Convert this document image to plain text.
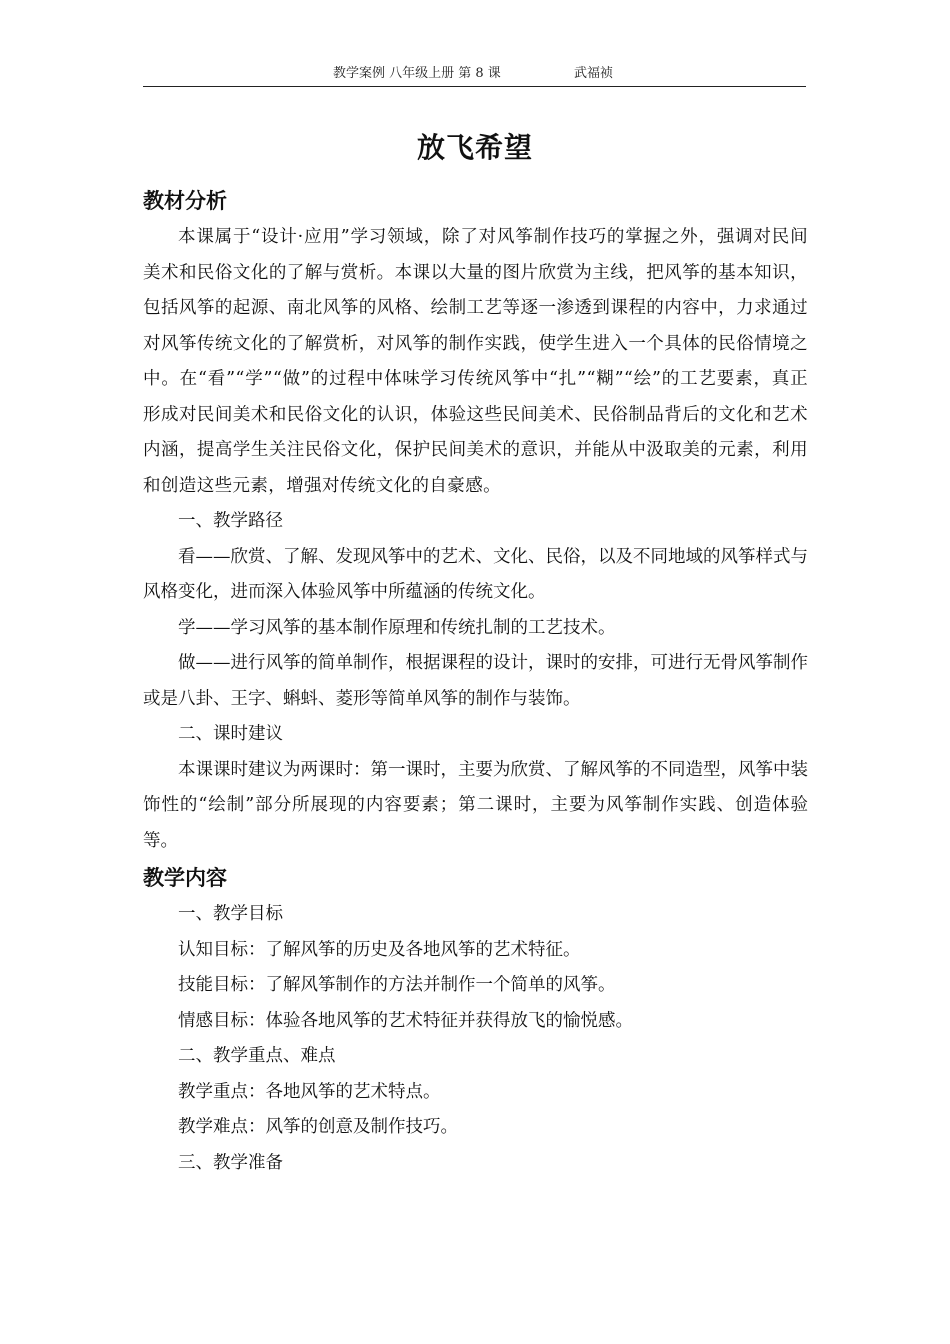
教学案例 八年级上册 第 8 课	武福祯
放飞希望
教材分析

本课属于“设计·应用”学习领域，除了对风筝制作技巧的掌握之外，强调对民间美术和民俗文化的了解与赏析。本课以大量的图片欣赏为主线，把风筝的基本知识，包括风筝的起源、南北风筝的风格、绘制工艺等逐一渗透到课程的内容中，力求通过对风筝传统文化的了解赏析，对风筝的制作实践，使学生进入一个具体的民俗情境之中。在“看”“学”“做”的过程中体味学习传统风筝中“扎”“糊”“绘”的工艺要素，真正形成对民间美术和民俗文化的认识，体验这些民间美术、民俗制品背后的文化和艺术内涵，提高学生关注民俗文化，保护民间美术的意识，并能从中汲取美的元素，利用和创造这些元素，增强对传统文化的自豪感。

一、教学路径

看——欣赏、了解、发现风筝中的艺术、文化、民俗，以及不同地域的风筝样式与风格变化，进而深入体验风筝中所蕴涵的传统文化。

学——学习风筝的基本制作原理和传统扎制的工艺技术。

做——进行风筝的简单制作，根据课程的设计，课时的安排，可进行无骨风筝制作或是八卦、王字、蝌蚪、菱形等简单风筝的制作与装饰。

二、课时建议

本课课时建议为两课时：第一课时，主要为欣赏、了解风筝的不同造型，风筝中装饰性的“绘制”部分所展现的内容要素；第二课时，主要为风筝制作实践、创造体验等。

教学内容

一、教学目标

认知目标：了解风筝的历史及各地风筝的艺术特征。

技能目标：了解风筝制作的方法并制作一个简单的风筝。

情感目标：体验各地风筝的艺术特征并获得放飞的愉悦感。

二、教学重点、难点

教学重点：各地风筝的艺术特点。

教学难点：风筝的创意及制作技巧。

三、教学准备
